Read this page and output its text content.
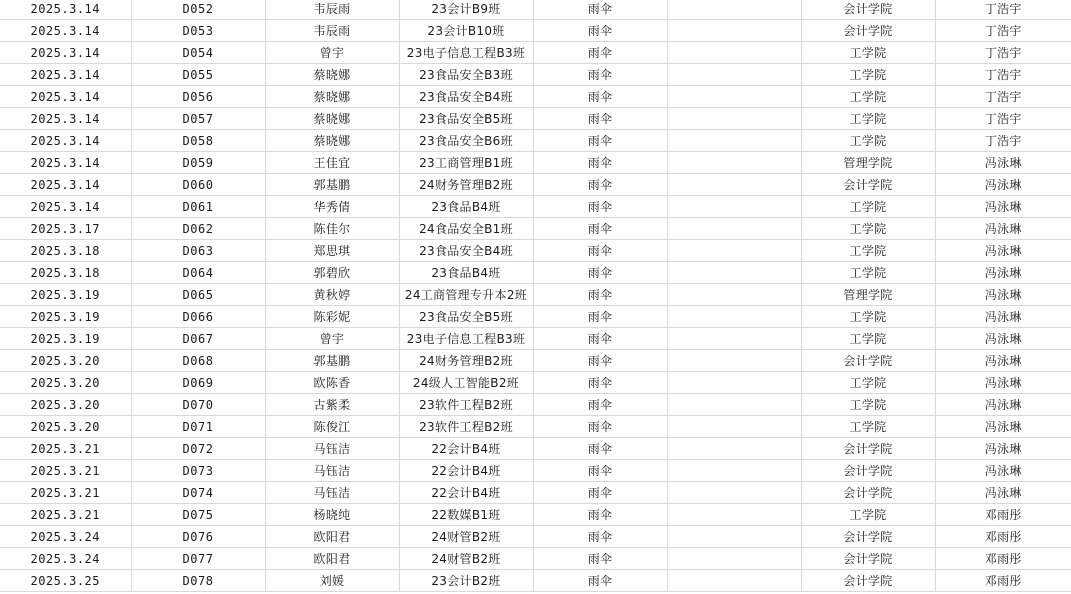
2025.3.14	D052	韦辰雨	23会计B9班	雨伞		会计学院	丁浩宇
2025.3.14	D053	韦辰雨	23会计B10班	雨伞		会计学院	丁浩宇
2025.3.14	D054	曾宇	23电子信息工程B3班	雨伞		工学院	丁浩宇
2025.3.14	D055	蔡晓娜	23食品安全B3班	雨伞		工学院	丁浩宇
2025.3.14	D056	蔡晓娜	23食品安全B4班	雨伞		工学院	丁浩宇
2025.3.14	D057	蔡晓娜	23食品安全B5班	雨伞		工学院	丁浩宇
2025.3.14	D058	蔡晓娜	23食品安全B6班	雨伞		工学院	丁浩宇
2025.3.14	D059	王佳宜	23工商管理B1班	雨伞		管理学院	冯泳琳
2025.3.14	D060	郭基鹏	24财务管理B2班	雨伞		会计学院	冯泳琳
2025.3.14	D061	华秀倩	23食品B4班	雨伞		工学院	冯泳琳
2025.3.17	D062	陈佳尔	24食品安全B1班	雨伞		工学院	冯泳琳
2025.3.18	D063	郑思琪	23食品安全B4班	雨伞		工学院	冯泳琳
2025.3.18	D064	郭碧欣	23食品B4班	雨伞		工学院	冯泳琳
2025.3.19	D065	黄秋婷	24工商管理专升本2班	雨伞		管理学院	冯泳琳
2025.3.19	D066	陈彩妮	23食品安全B5班	雨伞		工学院	冯泳琳
2025.3.19	D067	曾宇	23电子信息工程B3班	雨伞		工学院	冯泳琳
2025.3.20	D068	郭基鹏	24财务管理B2班	雨伞		会计学院	冯泳琳
2025.3.20	D069	欧陈香	24级人工智能B2班	雨伞		工学院	冯泳琳
2025.3.20	D070	古紫柔	23软件工程B2班	雨伞		工学院	冯泳琳
2025.3.20	D071	陈俊江	23软件工程B2班	雨伞		工学院	冯泳琳
2025.3.21	D072	马钰洁	22会计B4班	雨伞		会计学院	冯泳琳
2025.3.21	D073	马钰洁	22会计B4班	雨伞		会计学院	冯泳琳
2025.3.21	D074	马钰洁	22会计B4班	雨伞		会计学院	冯泳琳
2025.3.21	D075	杨晓纯	22数媒B1班	雨伞		工学院	邓雨彤
2025.3.24	D076	欧阳君	24财管B2班	雨伞		会计学院	邓雨彤
2025.3.24	D077	欧阳君	24财管B2班	雨伞		会计学院	邓雨彤
2025.3.25	D078	刘媛	23会计B2班	雨伞		会计学院	邓雨彤
